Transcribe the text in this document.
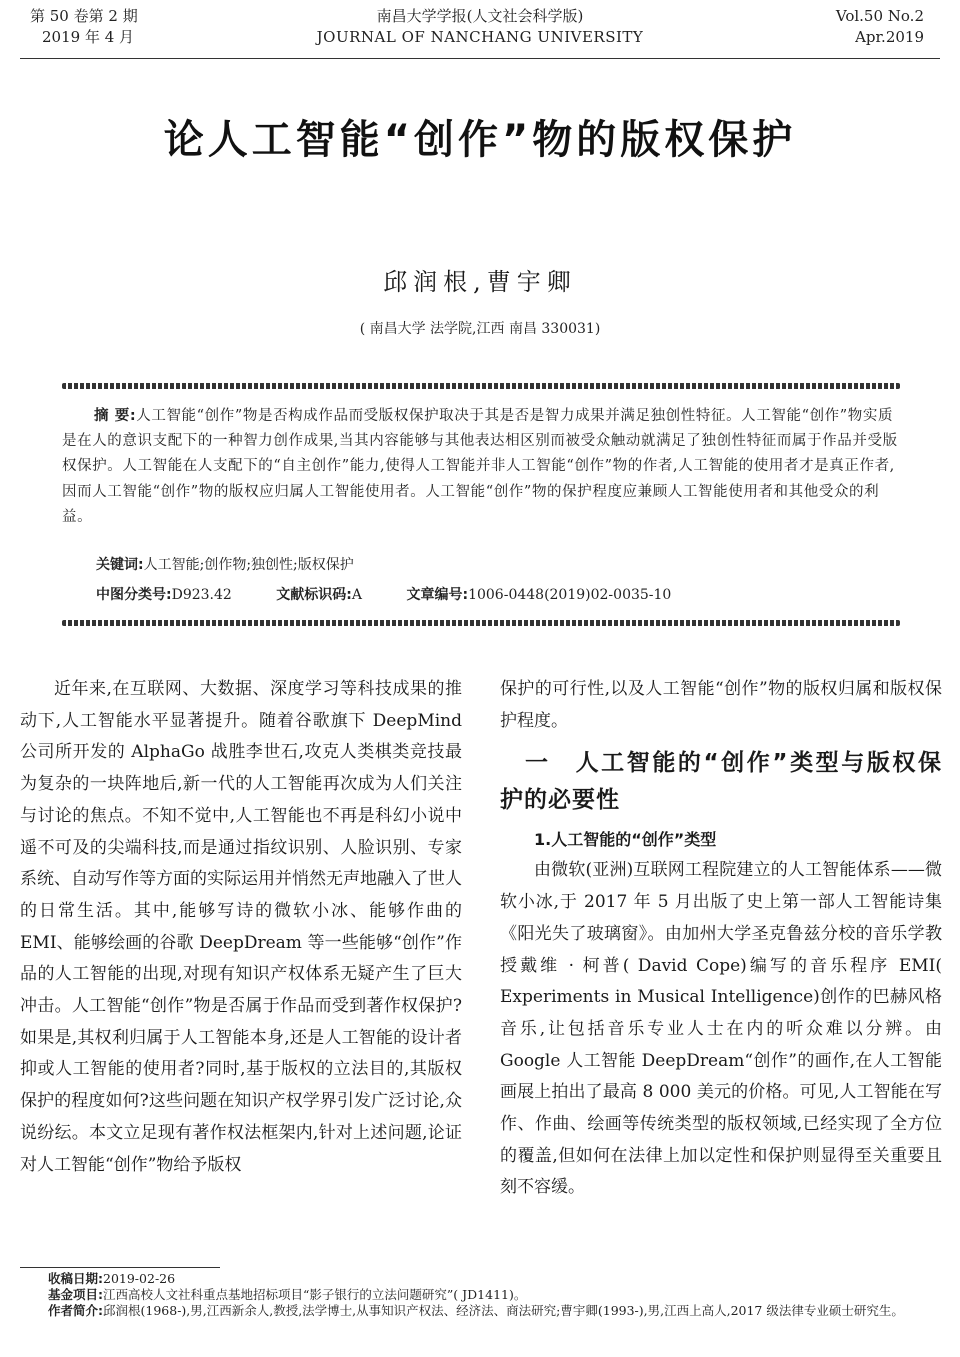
第 50 卷第 2 期
2019 年 4 月
南昌大学学报(人文社会科学版)
JOURNAL OF NANCHANG UNIVERSITY
Vol.50 No.2
Apr.2019
论人工智能“创作”物的版权保护
邱润根,曹宇卿
( 南昌大学 法学院,江西 南昌 330031)

摘 要:人工智能“创作”物是否构成作品而受版权保护取决于其是否是智力成果并满足独创性特征。人工智能“创作”物实质是在人的意识支配下的一种智力创作成果,当其内容能够与其他表达相区别而被受众触动就满足了独创性特征而属于作品并受版权保护。人工智能在人支配下的“自主创作”能力,使得人工智能并非人工智能“创作”物的作者,人工智能的使用者才是真正作者,因而人工智能“创作”物的版权应归属人工智能使用者。人工智能“创作”物的保护程度应兼顾人工智能使用者和其他受众的利益。

关键词:人工智能;创作物;独创性;版权保护
中图分类号:D923.42	文献标识码:A	文章编号:1006-0448(2019)02-0035-10

近年来,在互联网、大数据、深度学习等科技成果的推动下,人工智能水平显著提升。随着谷歌旗下 DeepMind 公司所开发的 AlphaGo 战胜李世石,攻克人类棋类竞技最为复杂的一块阵地后,新一代的人工智能再次成为人们关注与讨论的焦点。不知不觉中,人工智能也不再是科幻小说中遥不可及的尖端科技,而是通过指纹识别、人脸识别、专家系统、自动写作等方面的实际运用并悄然无声地融入了世人的日常生活。其中,能够写诗的微软小冰、能够作曲的 EMI、能够绘画的谷歌 DeepDream 等一些能够“创作”作品的人工智能的出现,对现有知识产权体系无疑产生了巨大冲击。人工智能“创作”物是否属于作品而受到著作权保护?如果是,其权利归属于人工智能本身,还是人工智能的设计者抑或人工智能的使用者?同时,基于版权的立法目的,其版权保护的程度如何?这些问题在知识产权学界引发广泛讨论,众说纷纭。本文立足现有著作权法框架内,针对上述问题,论证对人工智能“创作”物给予版权

保护的可行性,以及人工智能“创作”物的版权归属和版权保护程度。

一 人工智能的“创作”类型与版权保护的必要性
1.人工智能的“创作”类型

由微软(亚洲)互联网工程院建立的人工智能体系——微软小冰,于 2017 年 5 月出版了史上第一部人工智能诗集《阳光失了玻璃窗》。由加州大学圣克鲁兹分校的音乐学教授戴维 · 柯普( David Cope)编写的音乐程序 EMI( Experiments in Musical Intelligence)创作的巴赫风格音乐,让包括音乐专业人士在内的听众难以分辨。由 Google 人工智能 DeepDream“创作”的画作,在人工智能画展上拍出了最高 8 000 美元的价格。可见,人工智能在写作、作曲、绘画等传统类型的版权领域,已经实现了全方位的覆盖,但如何在法律上加以定性和保护则显得至关重要且刻不容缓。

收稿日期: 2019-02-26
基金项目: 江西高校人文社科重点基地招标项目“影子银行的立法问题研究”( JD1411)。
作者简介: 邱润根(1968-),男,江西新余人,教授,法学博士,从事知识产权法、经济法、商法研究;曹宇卿(1993-),男,江西上高人,2017 级法律专业硕士研究生。
